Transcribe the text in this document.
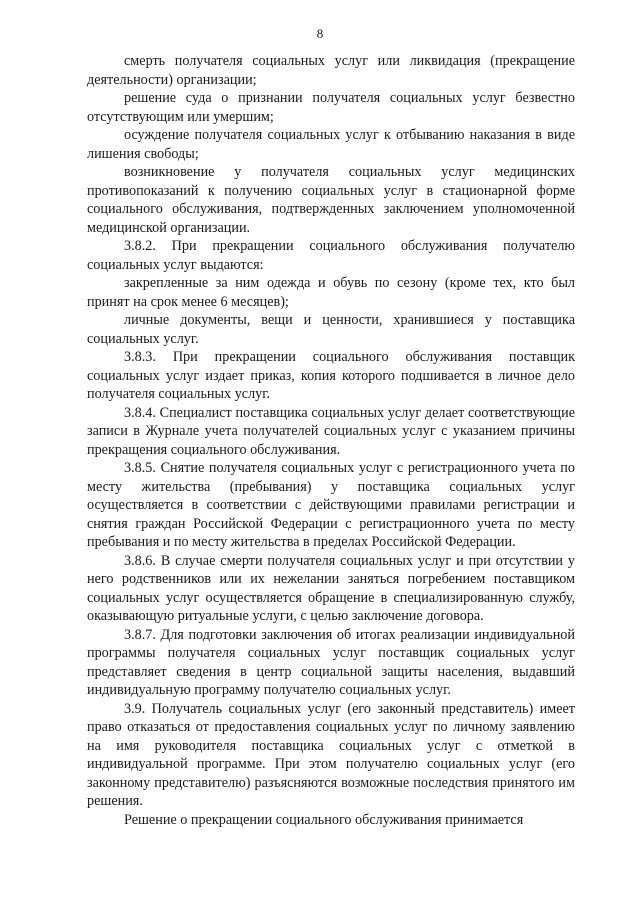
8

смерть получателя социальных услуг или ликвидация (прекращение деятельности) организации;

решение суда о признании получателя социальных услуг безвестно отсутствующим или умершим;

осуждение получателя социальных услуг к отбыванию наказания в виде лишения свободы;

возникновение у получателя социальных услуг медицинских противопоказаний к получению социальных услуг в стационарной форме социального обслуживания, подтвержденных заключением уполномоченной медицинской организации.

3.8.2. При прекращении социального обслуживания получателю социальных услуг выдаются:

закрепленные за ним одежда и обувь по сезону (кроме тех, кто был принят на срок менее 6 месяцев);

личные документы, вещи и ценности, хранившиеся у поставщика социальных услуг.

3.8.3. При прекращении социального обслуживания поставщик социальных услуг издает приказ, копия которого подшивается в личное дело получателя социальных услуг.

3.8.4. Специалист поставщика социальных услуг делает соответствующие записи в Журнале учета получателей социальных услуг с указанием причины прекращения социального обслуживания.

3.8.5. Снятие получателя социальных услуг с регистрационного учета по месту жительства (пребывания) у поставщика социальных услуг осуществляется в соответствии с действующими правилами регистрации и снятия граждан Российской Федерации с регистрационного учета по месту пребывания и по месту жительства в пределах Российской Федерации.

3.8.6. В случае смерти получателя социальных услуг и при отсутствии у него родственников или их нежелании заняться погребением поставщиком социальных услуг осуществляется обращение в специализированную службу, оказывающую ритуальные услуги, с целью заключение договора.

3.8.7. Для подготовки заключения об итогах реализации индивидуальной программы получателя социальных услуг поставщик социальных услуг представляет сведения в центр социальной защиты населения, выдавший индивидуальную программу получателю социальных услуг.

3.9. Получатель социальных услуг (его законный представитель) имеет право отказаться от предоставления социальных услуг по личному заявлению на имя руководителя поставщика социальных услуг с отметкой в индивидуальной программе. При этом получателю социальных услуг (его законному представителю) разъясняются возможные последствия принятого им решения.

Решение о прекращении социального обслуживания принимается
